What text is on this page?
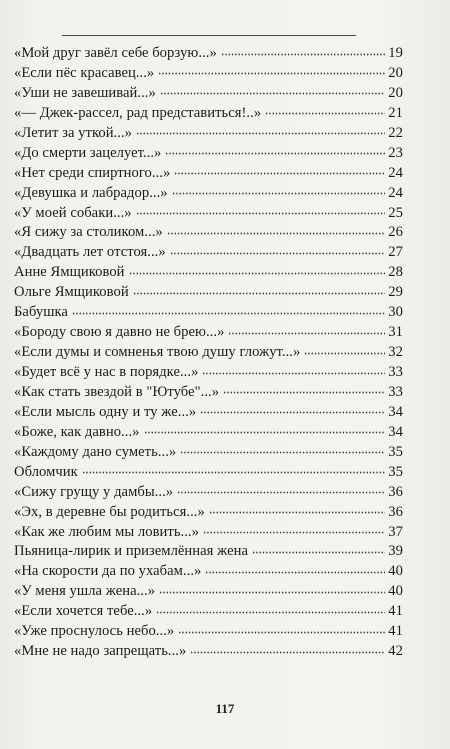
«Мой друг завёл себе борзую...»	19
«Если пёс красавец...»	20
«Уши не завешивай...»	20
«— Джек-рассел, рад представиться!..»	21
«Летит за уткой...»	22
«До смерти зацелует...»	23
«Нет среди спиртного...»	24
«Девушка и лабрадор...»	24
«У моей собаки...»	25
«Я сижу за столиком...»	26
«Двадцать лет отстоя...»	27
Анне Ямщиковой	28
Ольге Ямщиковой	29
Бабушка	30
«Бороду свою я давно не брею...»	31
«Если думы и сомненья твою душу гложут...»	32
«Будет всё у нас в порядке...»	33
«Как стать звездой в "Ютубе"...»	33
«Если мысль одну и ту же...»	34
«Боже, как давно...»	34
«Каждому дано суметь...»	35
Обломчик	35
«Сижу грущу у дамбы...»	36
«Эх, в деревне бы родиться...»	36
«Как же любим мы ловить...»	37
Пьяница-лирик и приземлённая жена	39
«На скорости да по ухабам...»	40
«У меня ушла жена...»	40
«Если хочется тебе...»	41
«Уже проснулось небо...»	41
«Мне не надо запрещать...»	42
117
